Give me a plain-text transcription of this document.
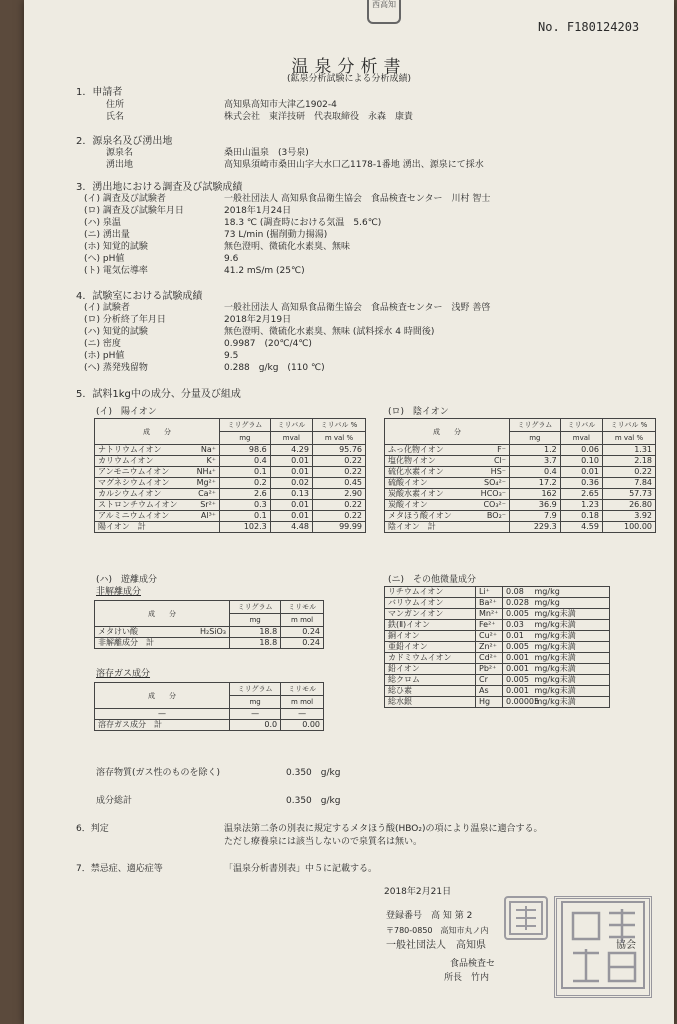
西高知
No. F180124203
温泉分析書
(鉱泉分析試験による分析成績)
1．申請者
住所	高知県高知市大津乙1902-4
氏名	株式会社　東洋技研　代表取締役　永森　康貴
2．源泉名及び湧出地
源泉名	桑田山温泉　(3号泉)
湧出地	高知県須崎市桑田山字大水口乙1178-1番地 湧出、源泉にて採水
3．湧出地における調査及び試験成績
(イ) 調査及び試験者	一般社団法人 高知県食品衛生協会　食品検査センター　川村 智士
(ロ) 調査及び試験年月日	2018年1月24日
(ハ) 泉温	18.3 ℃ (調査時における気温　5.6℃)
(ニ) 湧出量	73 L/min (掘削動力揚湯)
(ホ) 知覚的試験	無色澄明、微硫化水素臭、無味
(ヘ) pH値	9.6
(ト) 電気伝導率	41.2 mS/m (25℃)
4．試験室における試験成績
(イ) 試験者	一般社団法人 高知県食品衛生協会　食品検査センター　浅野 善啓
(ロ) 分析終了年月日	2018年2月19日
(ハ) 知覚的試験	無色澄明、微硫化水素臭、無味 (試料採水 4 時間後)
(ニ) 密度	0.9987　(20℃/4℃)
(ホ) pH値	9.5
(ヘ) 蒸発残留物	0.288　g/kg　(110 ℃)
5．試料1kg中の成分、分量及び組成
(イ)　陽イオン	(ロ)　陰イオン
成　　分	ミリグラム	ミリバル	ミリバル %
	mg	mval	m val %
ナトリウムイオン Na⁺	98.6	4.29	95.76
カリウムイオン K⁺	0.4	0.01	0.22
アンモニウムイオン NH₄⁺	0.1	0.01	0.22
マグネシウムイオン Mg²⁺	0.2	0.02	0.45
カルシウムイオン Ca²⁺	2.6	0.13	2.90
ストロンチウムイオン Sr²⁺	0.3	0.01	0.22
アルミニウムイオン Al³⁺	0.1	0.01	0.22
陽イオン　計	102.3	4.48	99.99
成　　分	ミリグラム	ミリバル	ミリバル %
	mg	mval	m val %
ふっ化物イオン F⁻	1.2	0.06	1.31
塩化物イオン Cl⁻	3.7	0.10	2.18
硫化水素イオン HS⁻	0.4	0.01	0.22
硫酸イオン SO₄²⁻	17.2	0.36	7.84
炭酸水素イオン HCO₃⁻	162	2.65	57.73
炭酸イオン CO₃²⁻	36.9	1.23	26.80
メタほう酸イオン BO₂⁻	7.9	0.18	3.92
陰イオン　計	229.3	4.59	100.00
(ハ)　遊離成分
非解離成分
成　　分	ミリグラム	ミリモル
	mg	m mol
メタけい酸 H₂SiO₃	18.8	0.24
非解離成分　計	18.8	0.24
溶存ガス成分
成　　分	ミリグラム	ミリモル
	mg	m mol
—	—	—
溶存ガス成分　計	0.0	0.00
(ニ)　その他微量成分
リチウムイオン	Li⁺	0.08 mg/kg

バリウムイオン	Ba²⁺	0.028 mg/kg

マンガンイオン	Mn²⁺	0.005 mg/kg未満

鉄(Ⅱ)イオン	Fe²⁺	0.03 mg/kg未満

銅イオン	Cu²⁺	0.01 mg/kg未満

亜鉛イオン	Zn²⁺	0.005 mg/kg未満

カドミウムイオン	Cd²⁺	0.001 mg/kg未満

鉛イオン	Pb²⁺	0.001 mg/kg未満

総クロム	Cr	0.005 mg/kg未満

総ひ素	As	0.001 mg/kg未満

総水銀	Hg	0.00005
mg/kg未満
溶存物質(ガス性のものを除く)	0.350　g/kg
成分総計	0.350　g/kg
6．判定	温泉法第二条の別表に規定するメタほう酸(HBO₂)の項により温泉に適合する。
ただし療養泉には該当しないので泉質名は無い。
7．禁忌症、適応症等	「温泉分析書別表」中５に記載する。
2018年2月21日
登録番号　高 知 第 2
〒780-0850　高知市丸ノ内
一般社団法人　高知県	協会
食品検査セ
所長　竹内
